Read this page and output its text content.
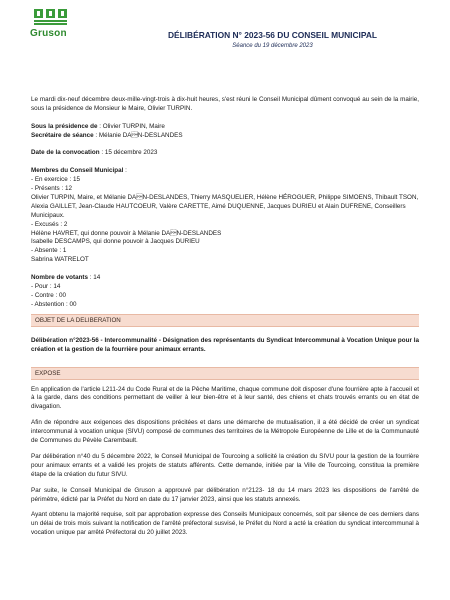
Gruson	DÉLIBÉRATION N° 2023-56 DU CONSEIL MUNICIPAL
Séance du 19 décembre 2023

Le mardi dix-neuf décembre deux-mille-vingt-trois à dix-huit heures, s'est réuni le Conseil Municipal dûment convoqué au sein de la mairie, sous la présidence de Monsieur le Maire, Olivier TURPIN.

Sous la présidence de : Olivier TURPIN, Maire

Secrétaire de séance : Mélanie DAN-DESLANDES

Date de la convocation : 15 décembre 2023

Membres du Conseil Municipal :

- En exercice : 15

- Présents : 12

Olivier TURPIN, Maire, et Mélanie DAN-DESLANDES, Thierry MASQUELIER, Hélène HÉROGUER, Philippe SIMOENS, Thibault TSON, Alexia GAILLET, Jean-Claude HAUTCOEUR, Valère CARETTE, Aimé DUQUENNE, Jacques DURIEU et Alain DUFRENE, Conseillers Municipaux.

- Excusés : 2

Hélène HAVRET, qui donne pouvoir à Mélanie DAN-DESLANDES

Isabelle DESCAMPS, qui donne pouvoir à Jacques DURIEU

- Absente : 1

Sabrina WATRELOT

Nombre de votants : 14

- Pour : 14

- Contre : 00

- Abstention : 00

OBJET DE LA DELIBERATION

Délibération n°2023-56 - Intercommunalité - Désignation des représentants du Syndicat Intercommunal à Vocation Unique pour la création et la gestion de la fourrière pour animaux errants.

EXPOSE

En application de l'article L211-24 du Code Rural et de la Pêche Maritime, chaque commune doit disposer d'une fourrière apte à l'accueil et à la garde, dans des conditions permettant de veiller à leur bien-être et à leur santé, des chiens et chats trouvés errants ou en état de divagation.

Afin de répondre aux exigences des dispositions précitées et dans une démarche de mutualisation, il a été décidé de créer un syndicat intercommunal à vocation unique (SIVU) composé de communes des territoires de la Métropole Européenne de Lille et de la Communauté de Communes du Pévèle Carembault.

Par délibération n°40 du 5 décembre 2022, le Conseil Municipal de Tourcoing a sollicité la création du SIVU pour la gestion de la fourrière pour animaux errants et a validé les projets de statuts afférents. Cette demande, initiée par la Ville de Tourcoing, constitua la première étape de la création du futur SIVU.

Par suite, le Conseil Municipal de Gruson a approuvé par délibération n°2123- 18 du 14 mars 2023 les dispositions de l'arrêté de périmètre, édicté par la Préfet du Nord en date du 17 janvier 2023, ainsi que les statuts annexés.

Ayant obtenu la majorité requise, soit par approbation expresse des Conseils Municipaux concernés, soit par silence de ces derniers dans un délai de trois mois suivant la notification de l'arrêté préfectoral susvisé, le Préfet du Nord a acté la création du syndicat intercommunal à vocation unique par arrêté Préfectoral du 20 juillet 2023.
